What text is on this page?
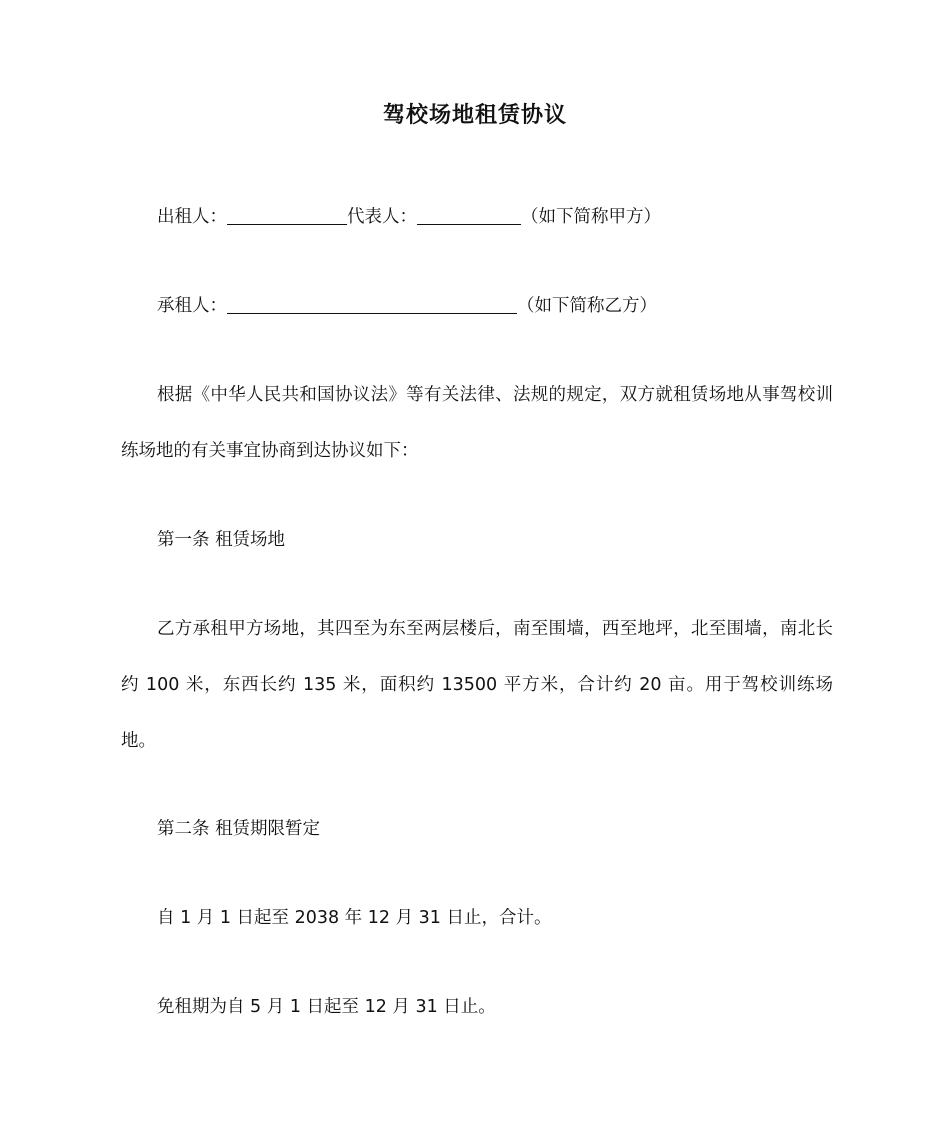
驾校场地租赁协议

出租人：	代表人：	（如下简称甲方）

承租人：	（如下简称乙方）

根据《中华人民共和国协议法》等有关法律、法规的规定，双方就租赁场地从事驾校训练场地的有关事宜协商到达协议如下：

第一条 租赁场地

乙方承租甲方场地，其四至为东至两层楼后，南至围墙，西至地坪，北至围墙，南北长约 100 米，东西长约 135 米，面积约 13500 平方米，合计约 20 亩。用于驾校训练场地。

第二条 租赁期限暂定

自 1 月 1 日起至 2038 年 12 月 31 日止，合计。

免租期为自 5 月 1 日起至 12 月 31 日止。
